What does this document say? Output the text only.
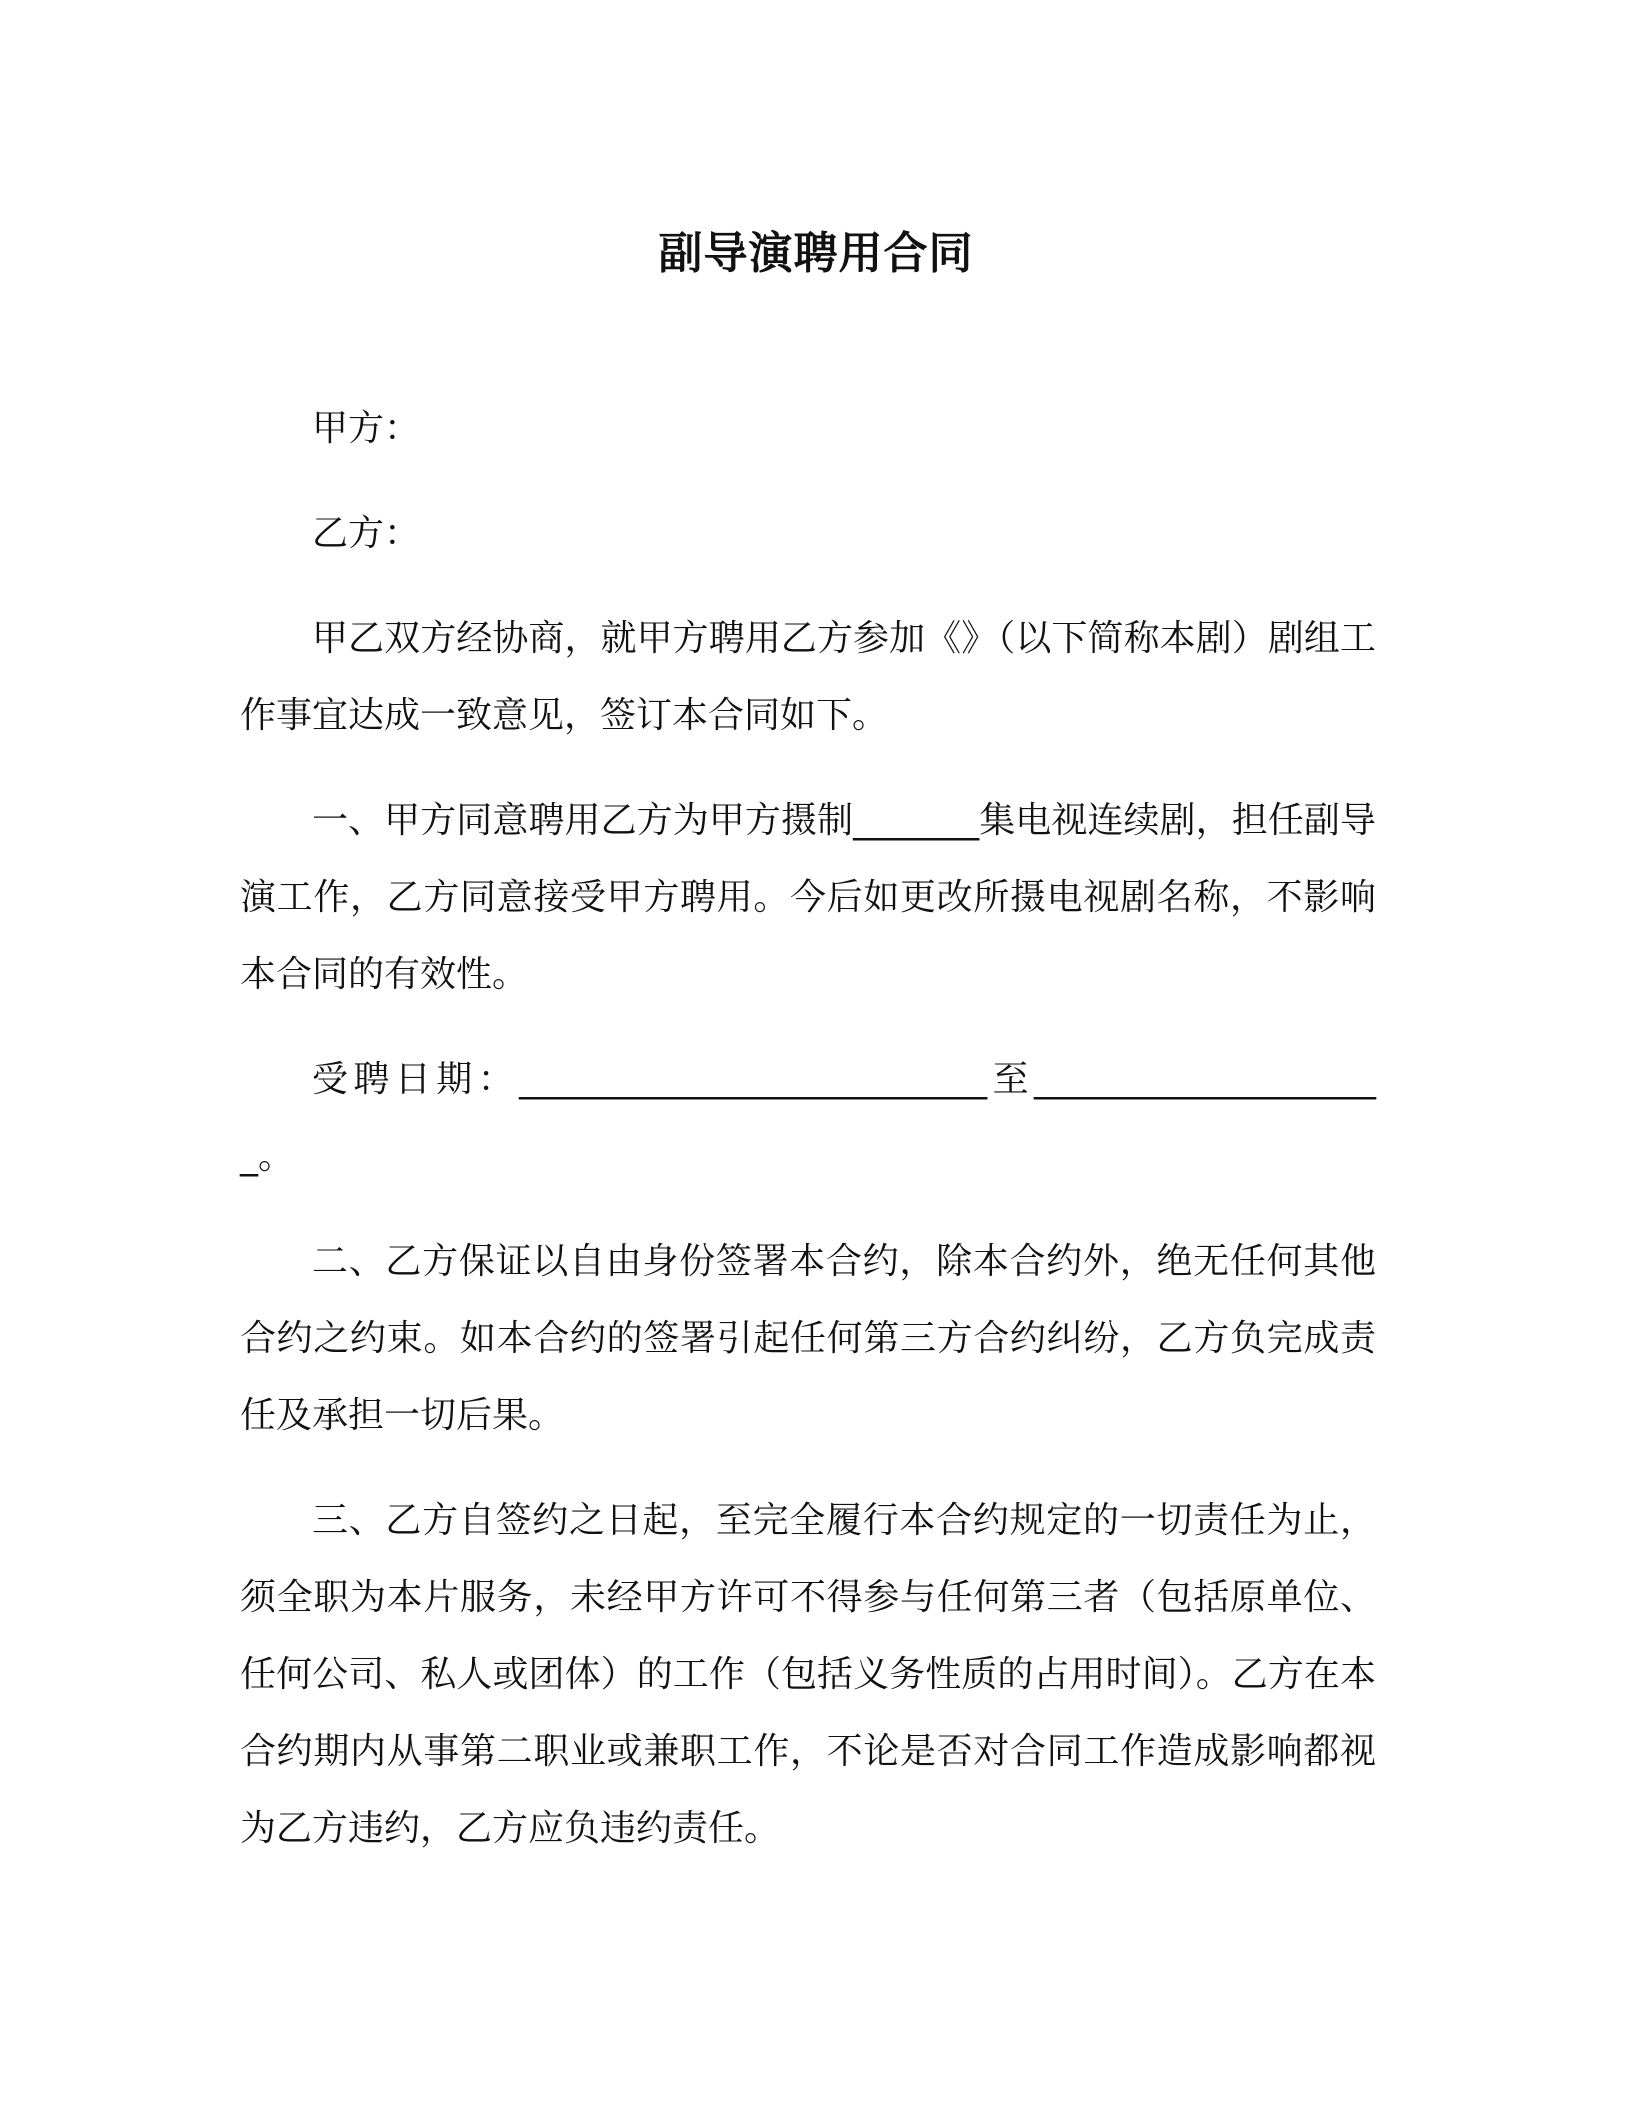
副导演聘用合同

甲方：

乙方：

甲乙双方经协商，就甲方聘用乙方参加《》（以下简称本剧）剧组工作事宜达成一致意见，签订本合同如下。

一、甲方同意聘用乙方为甲方摄制_______集电视连续剧，担任副导演工作，乙方同意接受甲方聘用。今后如更改所摄电视剧名称，不影响本合同的有效性。

受聘日期：__________________________至____________________。

二、乙方保证以自由身份签署本合约，除本合约外，绝无任何其他合约之约束。如本合约的签署引起任何第三方合约纠纷，乙方负完成责任及承担一切后果。

三、乙方自签约之日起，至完全履行本合约规定的一切责任为止，须全职为本片服务，未经甲方许可不得参与任何第三者（包括原单位、任何公司、私人或团体）的工作（包括义务性质的占用时间）。乙方在本合约期内从事第二职业或兼职工作，不论是否对合同工作造成影响都视为乙方违约，乙方应负违约责任。
